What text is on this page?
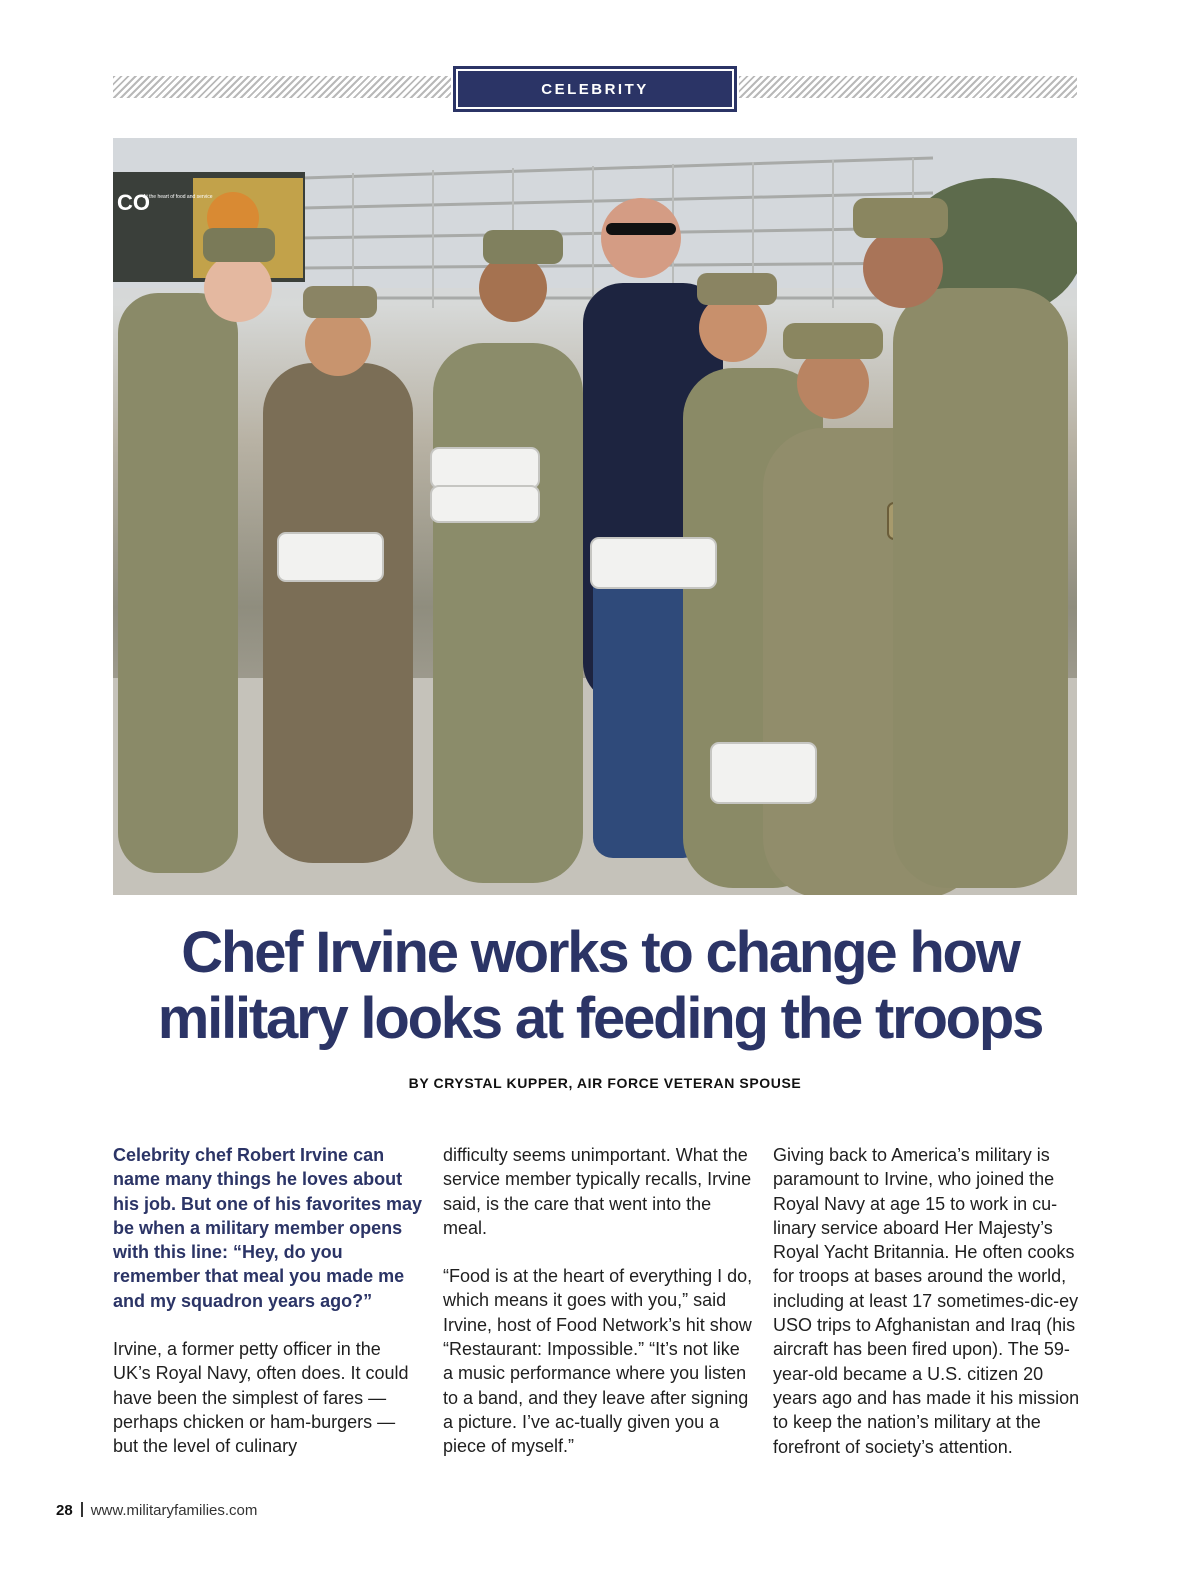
CELEBRITY
CO
At the heart of food and service
Chef Irvine works to change how
military looks at feeding the troops
BY CRYSTAL KUPPER, AIR FORCE VETERAN SPOUSE

Celebrity chef Robert Irvine can name many things he loves about his job. But one of his favorites may be when a military member opens with this line: “Hey, do you remember that meal you made me and my squadron years ago?”

Irvine, a former petty officer in the UK’s Royal Navy, often does. It could have been the simplest of fares — perhaps chicken or ham-burgers — but the level of culinary

difficulty seems unimportant. What the service member typically recalls, Irvine said, is the care that went into the meal.

“Food is at the heart of everything I do, which means it goes with you,” said Irvine, host of Food Network’s hit show “Restaurant: Impossible.” “It’s not like a music performance where you listen to a band, and they leave after signing a picture. I’ve ac-tually given you a piece of myself.”

Giving back to America’s military is paramount to Irvine, who joined the Royal Navy at age 15 to work in cu-linary service aboard Her Majesty’s Royal Yacht Britannia. He often cooks for troops at bases around the world, including at least 17 sometimes-dic-ey USO trips to Afghanistan and Iraq (his aircraft has been fired upon). The 59-year-old became a U.S. citizen 20 years ago and has made it his mission to keep the nation’s military at the forefront of society’s attention.

28 www.militaryfamilies.com
